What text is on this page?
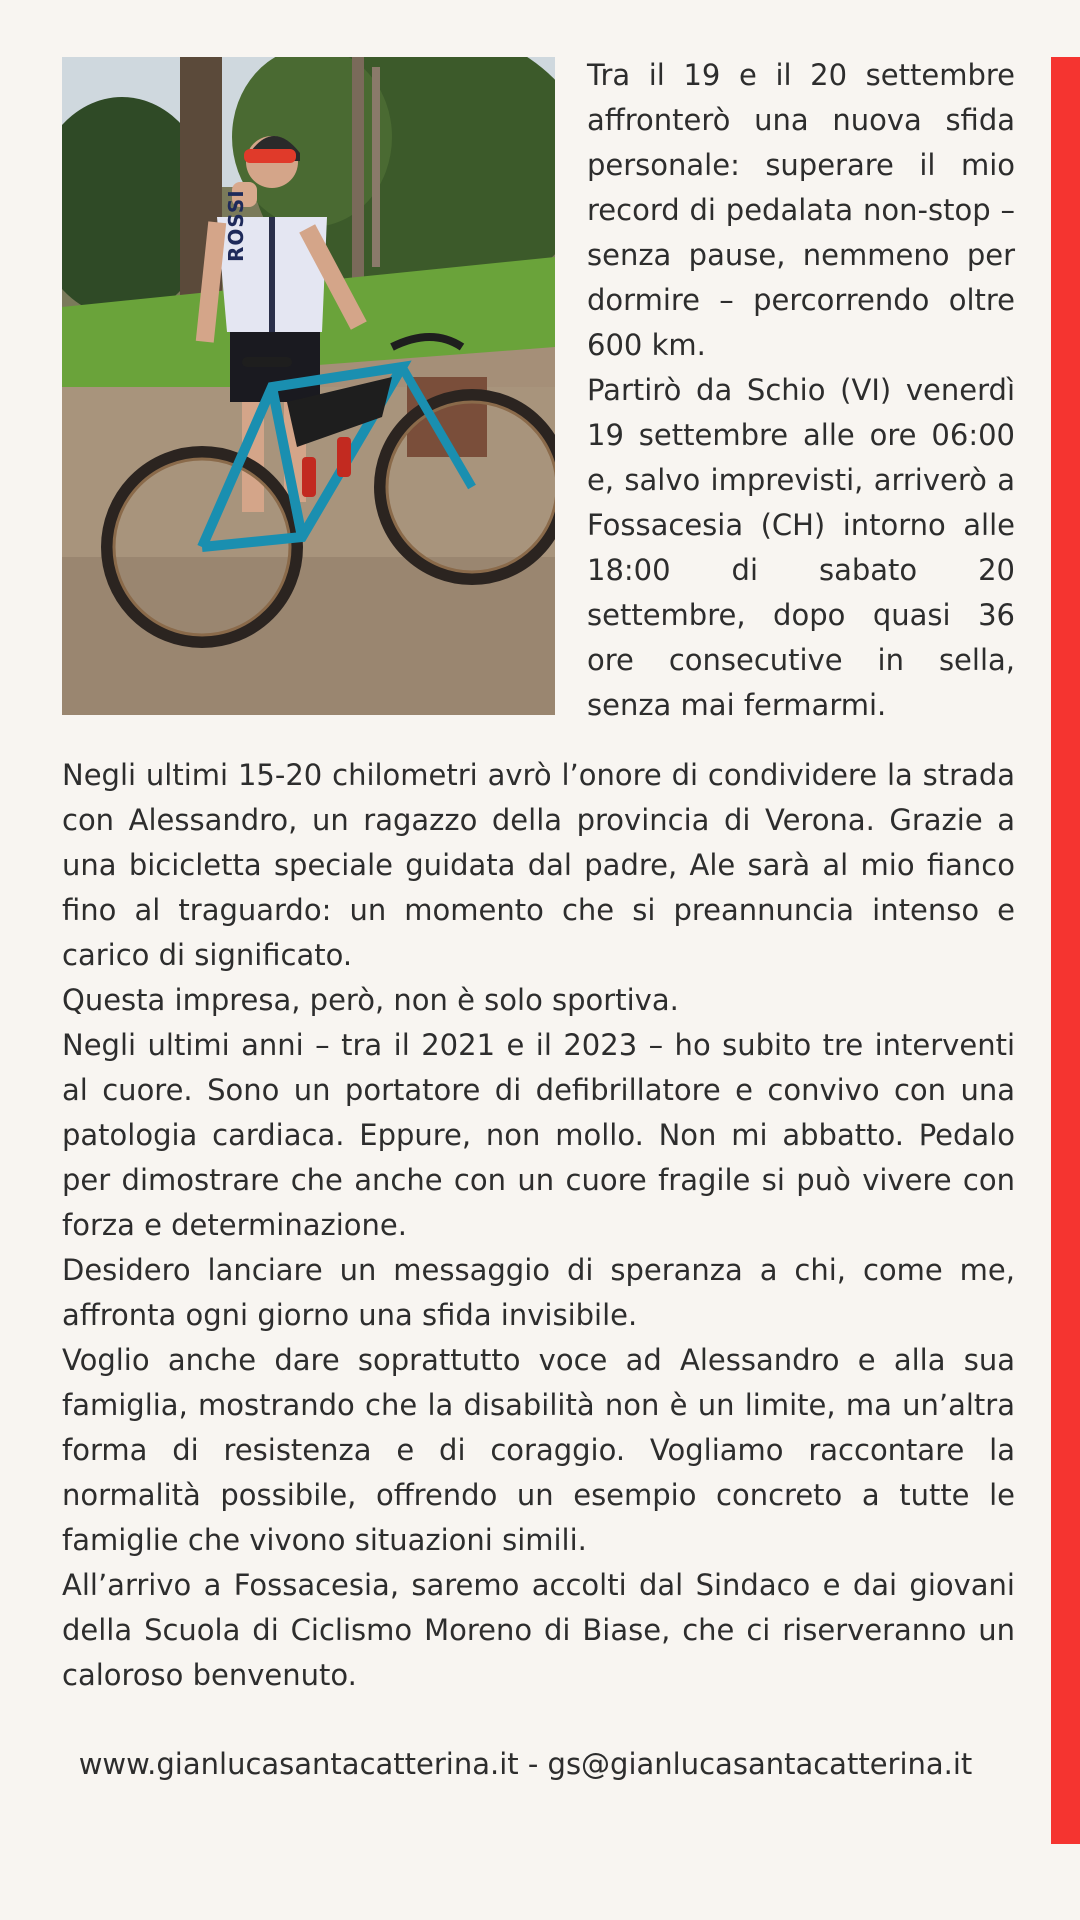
ROSSI

Tra il 19 e il 20 settembre affronterò una nuova sfida personale: superare il mio record di pedalata non-stop – senza pause, nemmeno per dormire – percorrendo oltre 600 km.

Partirò da Schio (VI) venerdì 19 settembre alle ore 06:00 e, salvo imprevisti, arriverò a Fossacesia (CH) intorno alle 18:00 di sabato 20 settembre, dopo quasi 36 ore consecutive in sella, senza mai fermarmi.

Negli ultimi 15-20 chilometri avrò l’onore di condividere la strada con Alessandro, un ragazzo della provincia di Verona. Grazie a una bicicletta speciale guidata dal padre, Ale sarà al mio fianco fino al traguardo: un momento che si preannuncia intenso e carico di significato.

Questa impresa, però, non è solo sportiva.

Negli ultimi anni – tra il 2021 e il 2023 – ho subito tre interventi al cuore. Sono un portatore di defibrillatore e convivo con una patologia cardiaca. Eppure, non mollo. Non mi abbatto. Pedalo per dimostrare che anche con un cuore fragile si può vivere con forza e determinazione.

Desidero lanciare un messaggio di speranza a chi, come me, affronta ogni giorno una sfida invisibile.

Voglio anche dare soprattutto voce ad Alessandro e alla sua famiglia, mostrando che la disabilità non è un limite, ma un’altra forma di resistenza e di coraggio. Vogliamo raccontare la normalità possibile, offrendo un esempio concreto a tutte le famiglie che vivono situazioni simili.

All’arrivo a Fossacesia, saremo accolti dal Sindaco e dai giovani della Scuola di Ciclismo Moreno di Biase, che ci riserveranno un caloroso benvenuto.

www.gianlucasantacatterina.it - gs@gianlucasantacatterina.it
